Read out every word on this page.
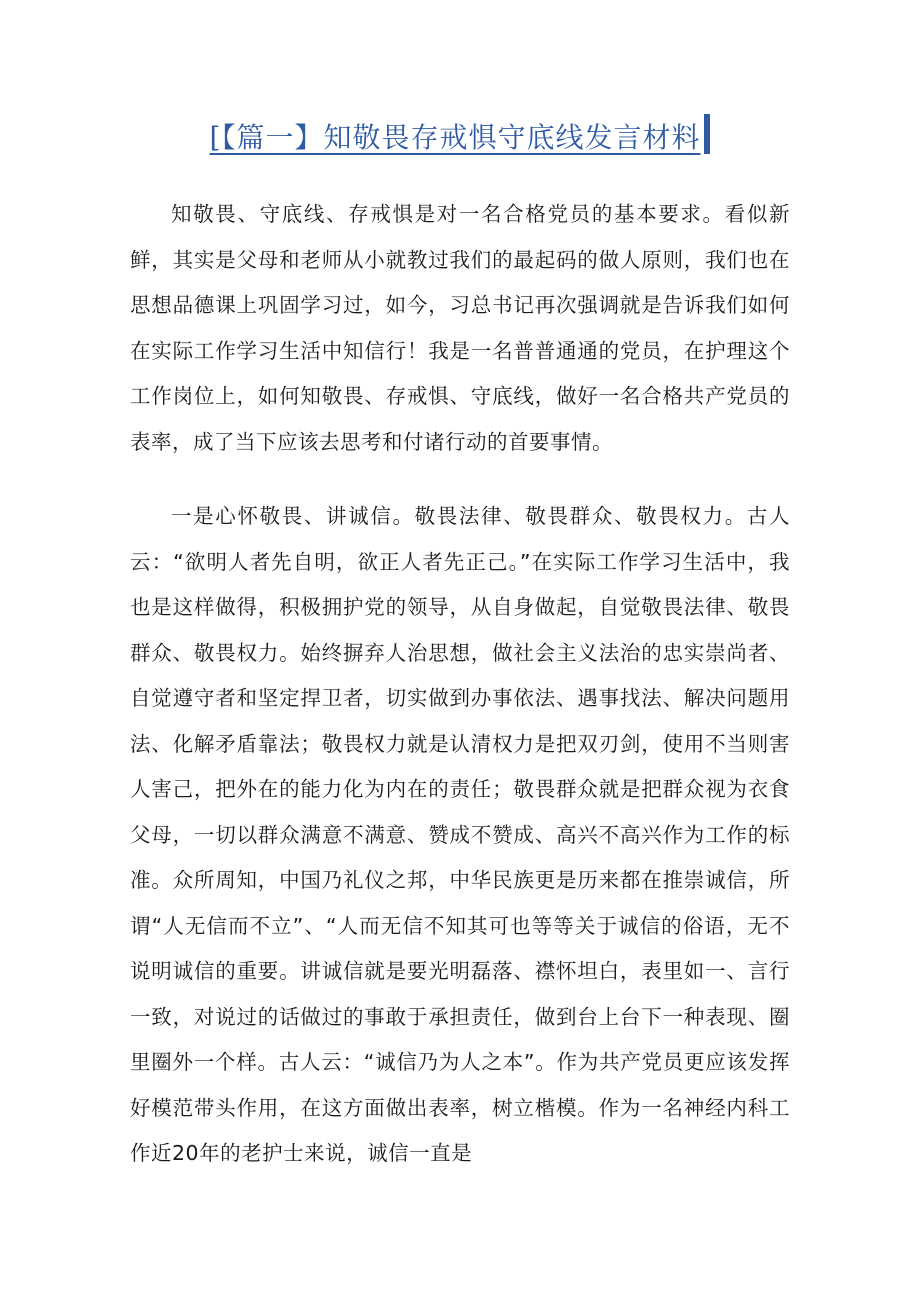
[【篇一】知敬畏存戒惧守底线发言材料

知敬畏、守底线、存戒惧是对一名合格党员的基本要求。看似新鲜，其实是父母和老师从小就教过我们的最起码的做人原则，我们也在思想品德课上巩固学习过，如今，习总书记再次强调就是告诉我们如何在实际工作学习生活中知信行！我是一名普普通通的党员，在护理这个工作岗位上，如何知敬畏、存戒惧、守底线，做好一名合格共产党员的表率，成了当下应该去思考和付诸行动的首要事情。

一是心怀敬畏、讲诚信。敬畏法律、敬畏群众、敬畏权力。古人云：“欲明人者先自明，欲正人者先正己。”在实际工作学习生活中，我也是这样做得，积极拥护党的领导，从自身做起，自觉敬畏法律、敬畏群众、敬畏权力。始终摒弃人治思想，做社会主义法治的忠实崇尚者、自觉遵守者和坚定捍卫者，切实做到办事依法、遇事找法、解决问题用法、化解矛盾靠法；敬畏权力就是认清权力是把双刃剑，使用不当则害人害己，把外在的能力化为内在的责任；敬畏群众就是把群众视为衣食父母，一切以群众满意不满意、赞成不赞成、高兴不高兴作为工作的标准。众所周知，中国乃礼仪之邦，中华民族更是历来都在推崇诚信，所谓“人无信而不立”、“人而无信不知其可也等等关于诚信的俗语，无不说明诚信的重要。讲诚信就是要光明磊落、襟怀坦白，表里如一、言行一致，对说过的话做过的事敢于承担责任，做到台上台下一种表现、圈里圈外一个样。古人云：“诚信乃为人之本”。作为共产党员更应该发挥好模范带头作用，在这方面做出表率，树立楷模。作为一名神经内科工作近20年的老护士来说，诚信一直是
